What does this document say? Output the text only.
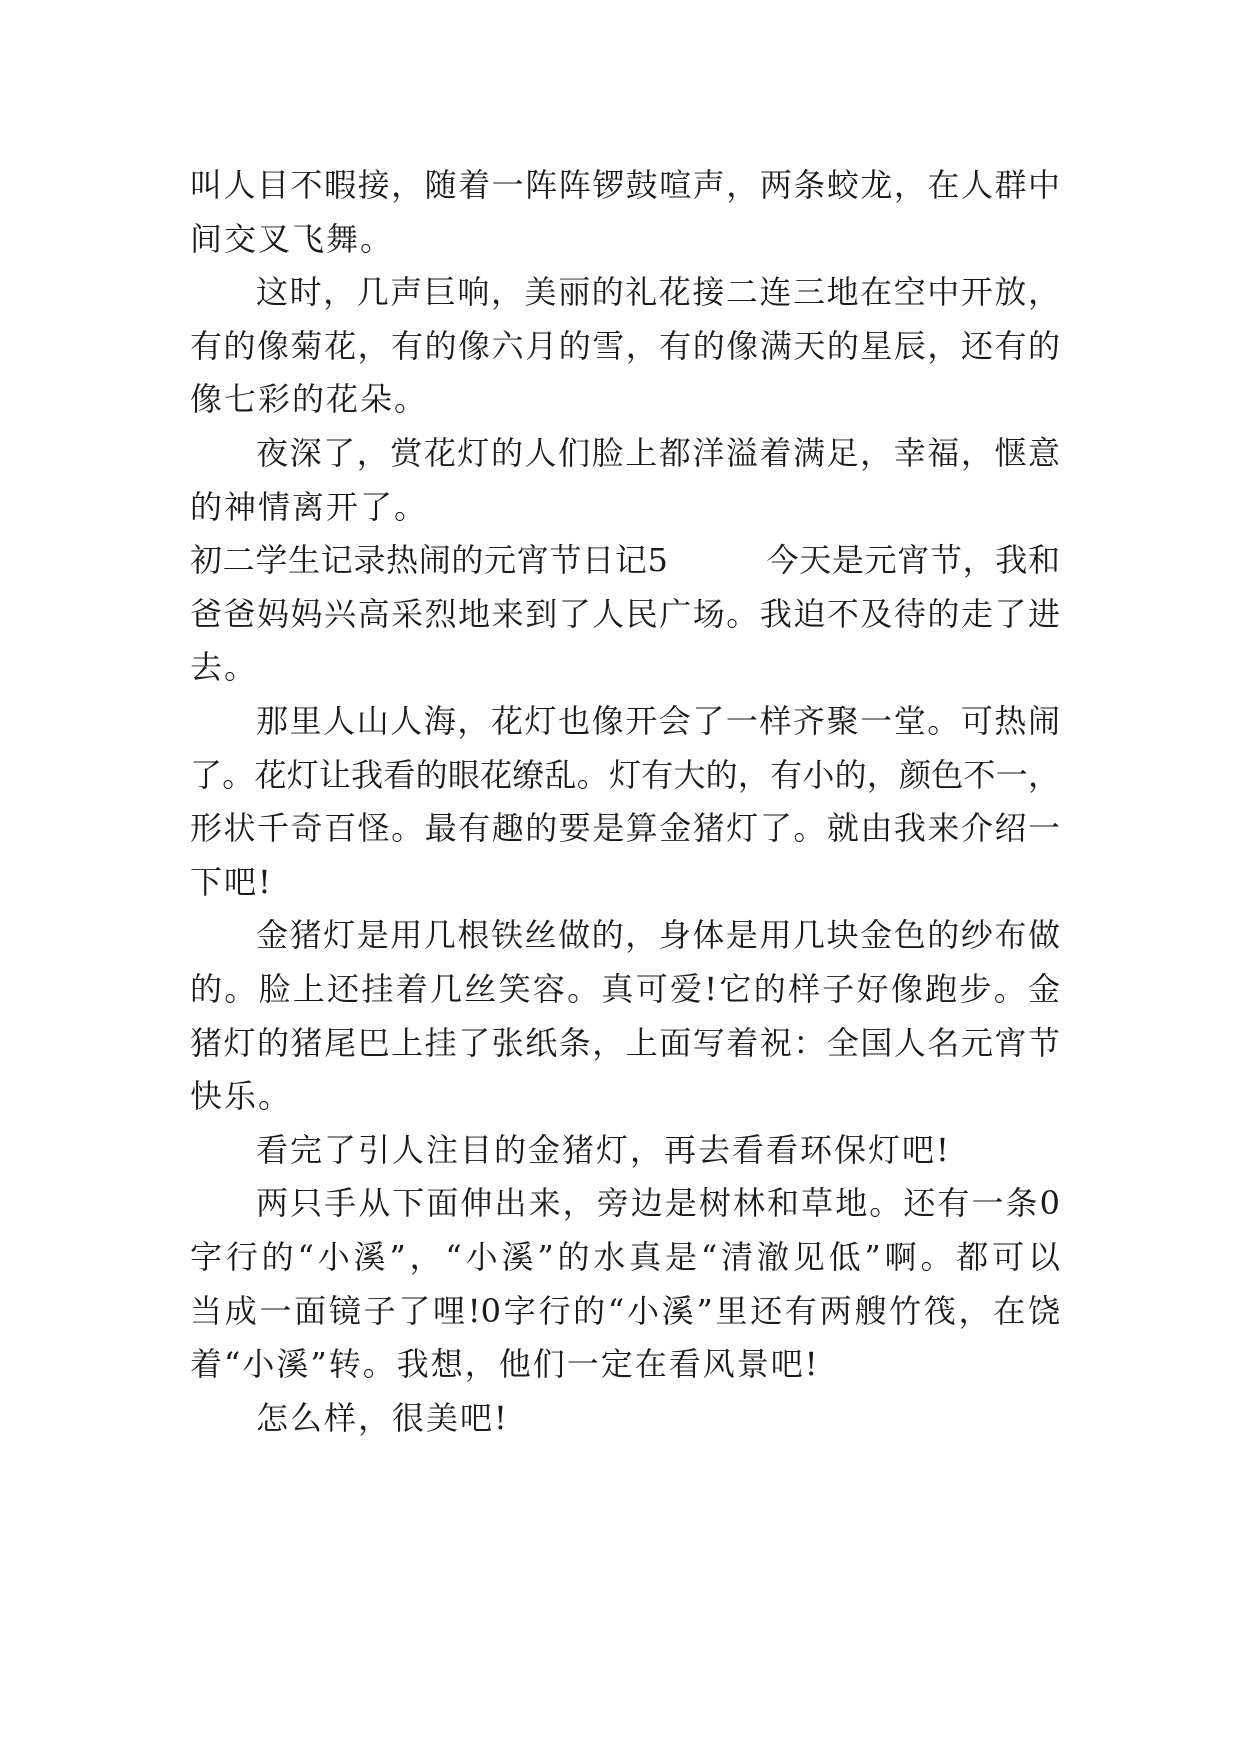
叫人目不暇接，随着一阵阵锣鼓喧声，两条蛟龙，在人群中
间交叉飞舞。
这时，几声巨响，美丽的礼花接二连三地在空中开放，
有的像菊花，有的像六月的雪，有的像满天的星辰，还有的
像七彩的花朵。
夜深了，赏花灯的人们脸上都洋溢着满足，幸福，惬意
的神情离开了。
初二学生记录热闹的元宵节日记5　　　今天是元宵节，我和
爸爸妈妈兴高采烈地来到了人民广场。我迫不及待的走了进
去。
那里人山人海，花灯也像开会了一样齐聚一堂。可热闹
了。花灯让我看的眼花缭乱。灯有大的，有小的，颜色不一，
形状千奇百怪。最有趣的要是算金猪灯了。就由我来介绍一
下吧!
金猪灯是用几根铁丝做的，身体是用几块金色的纱布做
的。脸上还挂着几丝笑容。真可爱!它的样子好像跑步。金
猪灯的猪尾巴上挂了张纸条，上面写着祝：全国人名元宵节
快乐。
看完了引人注目的金猪灯，再去看看环保灯吧!
两只手从下面伸出来，旁边是树林和草地。还有一条0
字行的“小溪”，“小溪”的水真是“清澈见低”啊。都可以
当成一面镜子了哩!0字行的“小溪”里还有两艘竹筏，在饶
着“小溪”转。我想，他们一定在看风景吧!
怎么样，很美吧!
